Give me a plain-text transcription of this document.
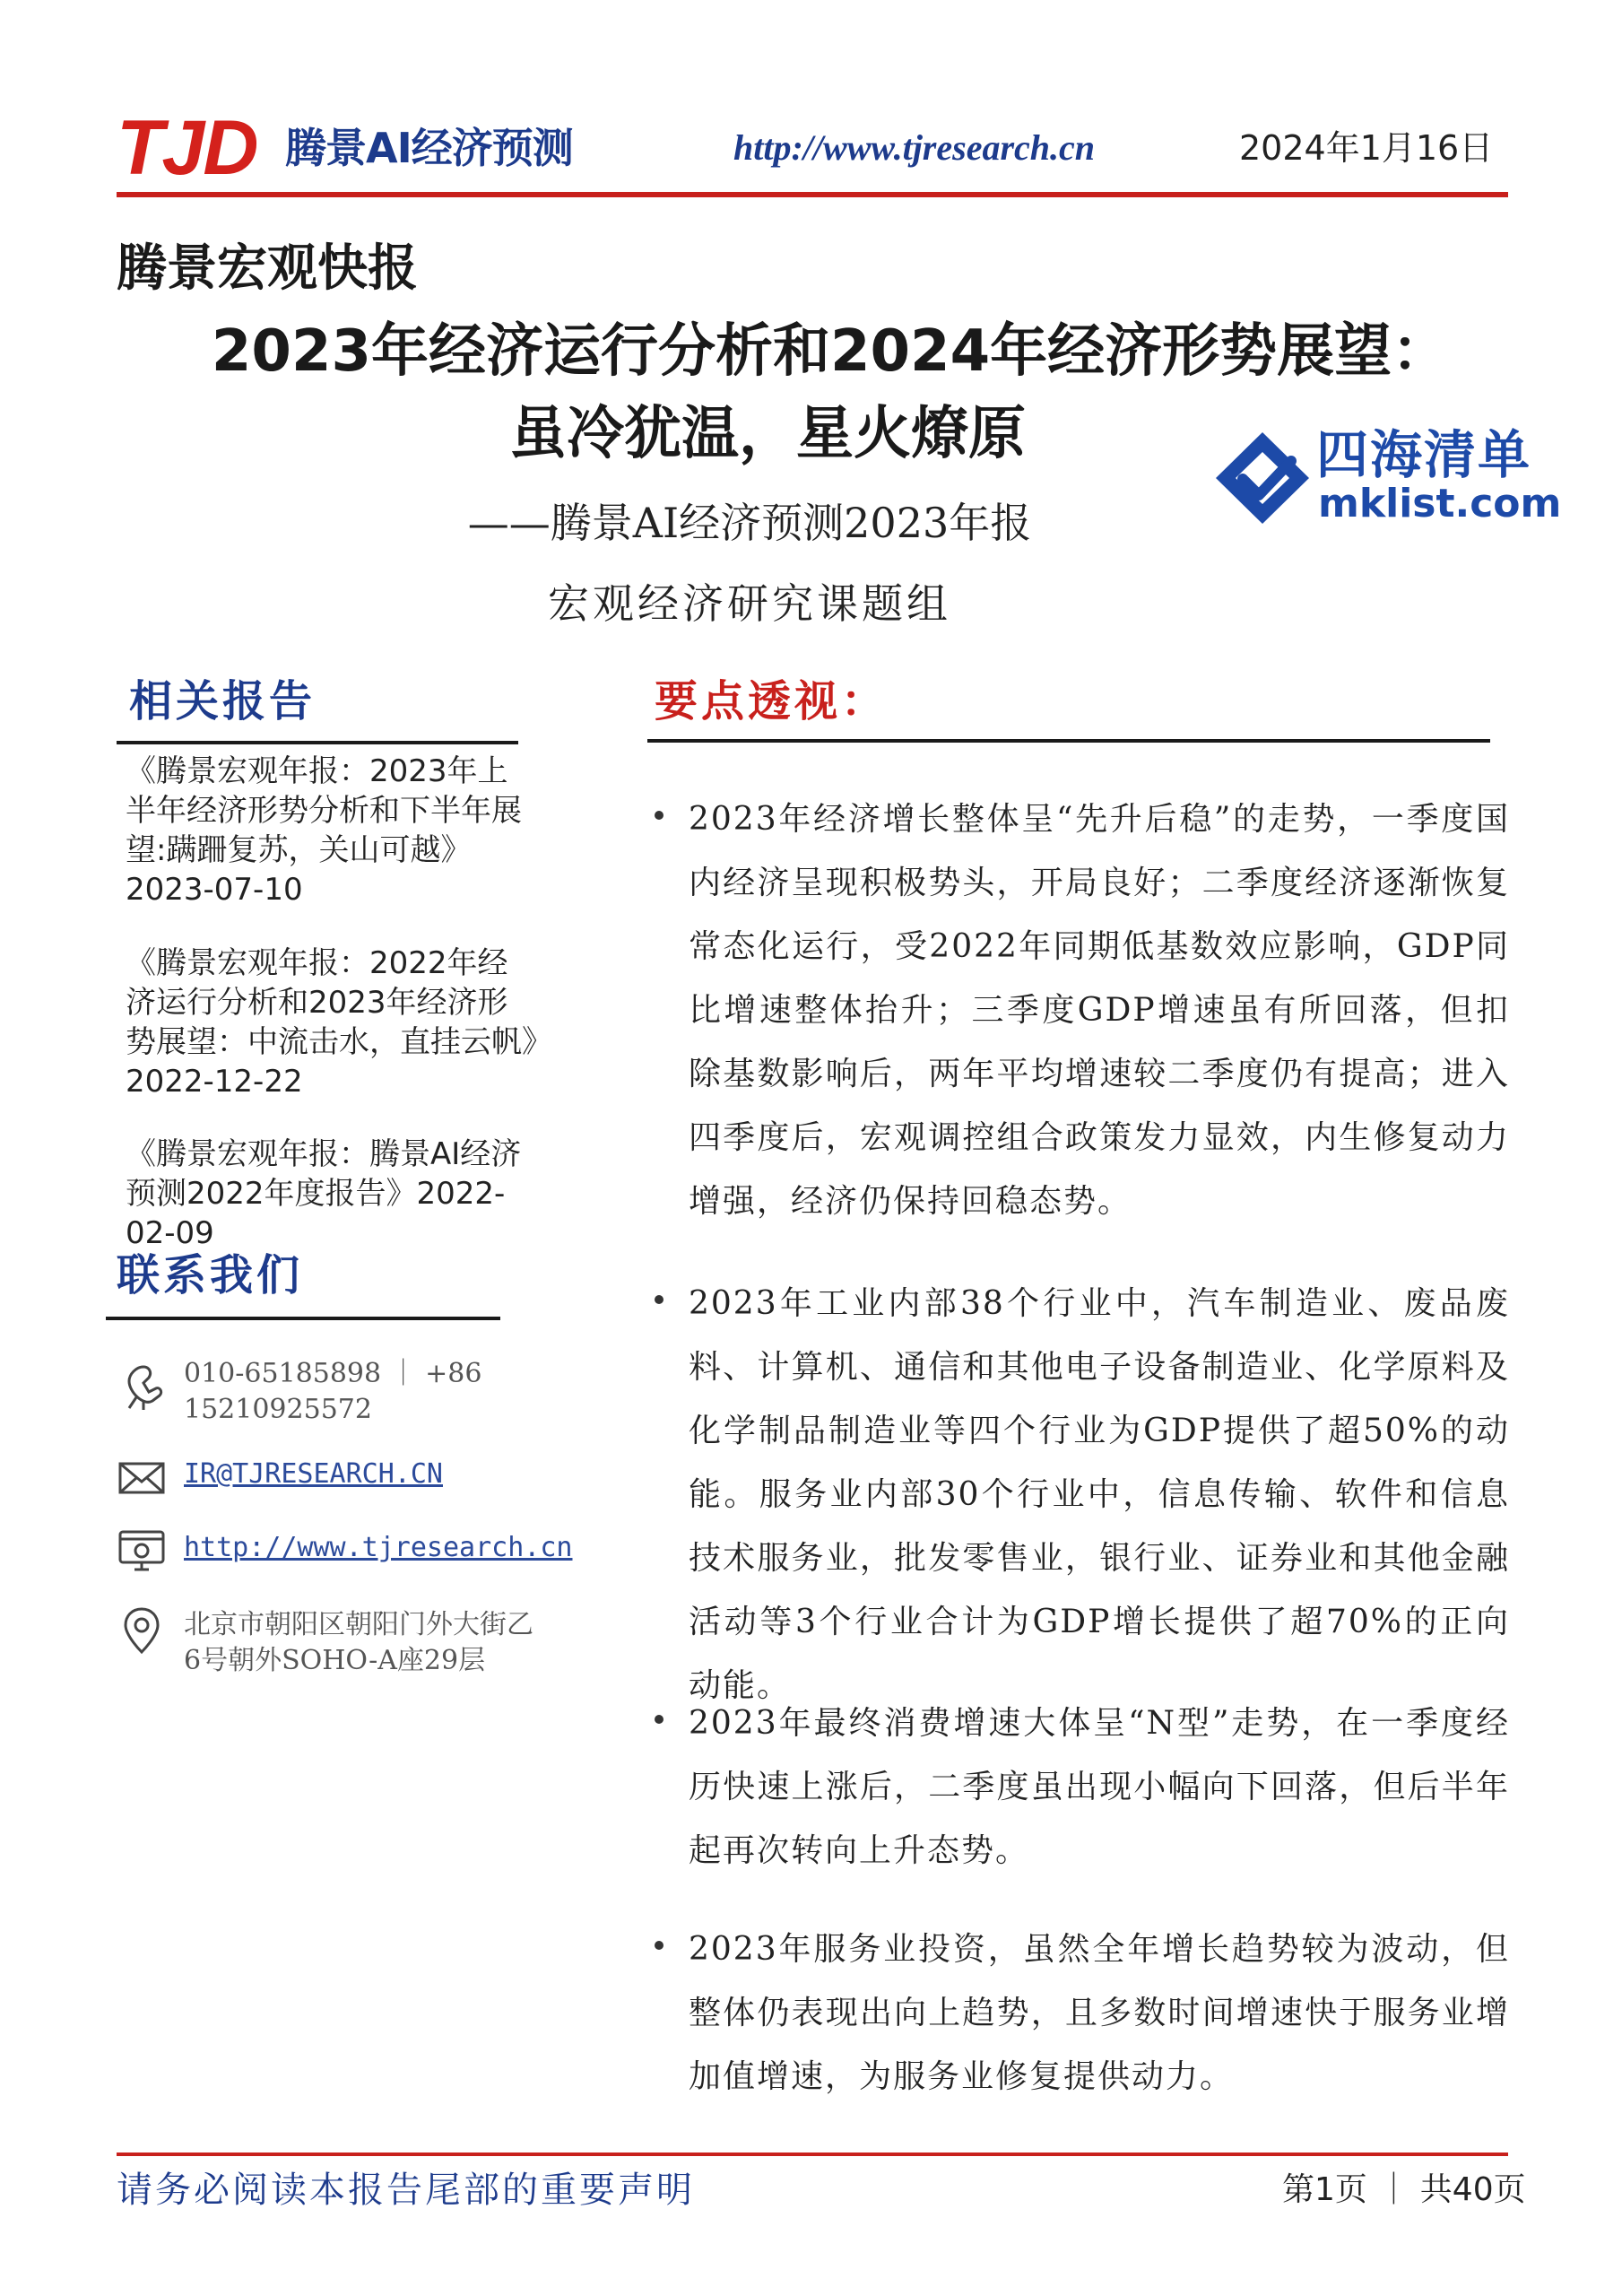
TJD 腾景AI经济预测	http://www.tjresearch.cn	2024年1月16日
腾景宏观快报
2023年经济运行分析和2024年经济形势展望：
虽冷犹温，星火燎原
——腾景AI经济预测2023年报
宏观经济研究课题组
四海清单
mklist.com
相关报告
《腾景宏观年报：2023年上
半年经济形势分析和下半年展
望:蹒跚复苏，关山可越》
2023-07-10
《腾景宏观年报：2022年经
济运行分析和2023年经济形
势展望：中流击水，直挂云帆》
2022-12-22
《腾景宏观年报：腾景AI经济
预测2022年度报告》2022-
02-09
联系我们
010-65185898 ｜ +86
15210925572
IR@TJRESEARCH.CN
http://www.tjresearch.cn
北京市朝阳区朝阳门外大街乙
6号朝外SOHO-A座29层
要点透视：
2023年经济增长整体呈“先升后稳”的走势，一季度国内经济呈现积极势头，开局良好；二季度经济逐渐恢复常态化运行，受2022年同期低基数效应影响，GDP同比增速整体抬升；三季度GDP增速虽有所回落，但扣除基数影响后，两年平均增速较二季度仍有提高；进入四季度后，宏观调控组合政策发力显效，内生修复动力增强，经济仍保持回稳态势。
2023年工业内部38个行业中，汽车制造业、废品废料、计算机、通信和其他电子设备制造业、化学原料及化学制品制造业等四个行业为GDP提供了超50%的动能。服务业内部30个行业中，信息传输、软件和信息技术服务业，批发零售业，银行业、证券业和其他金融活动等3个行业合计为GDP增长提供了超70%的正向动能。
2023年最终消费增速大体呈“N型”走势，在一季度经历快速上涨后，二季度虽出现小幅向下回落，但后半年起再次转向上升态势。
2023年服务业投资，虽然全年增长趋势较为波动，但整体仍表现出向上趋势，且多数时间增速快于服务业增加值增速，为服务业修复提供动力。
请务必阅读本报告尾部的重要声明	第1页 ｜ 共40页
